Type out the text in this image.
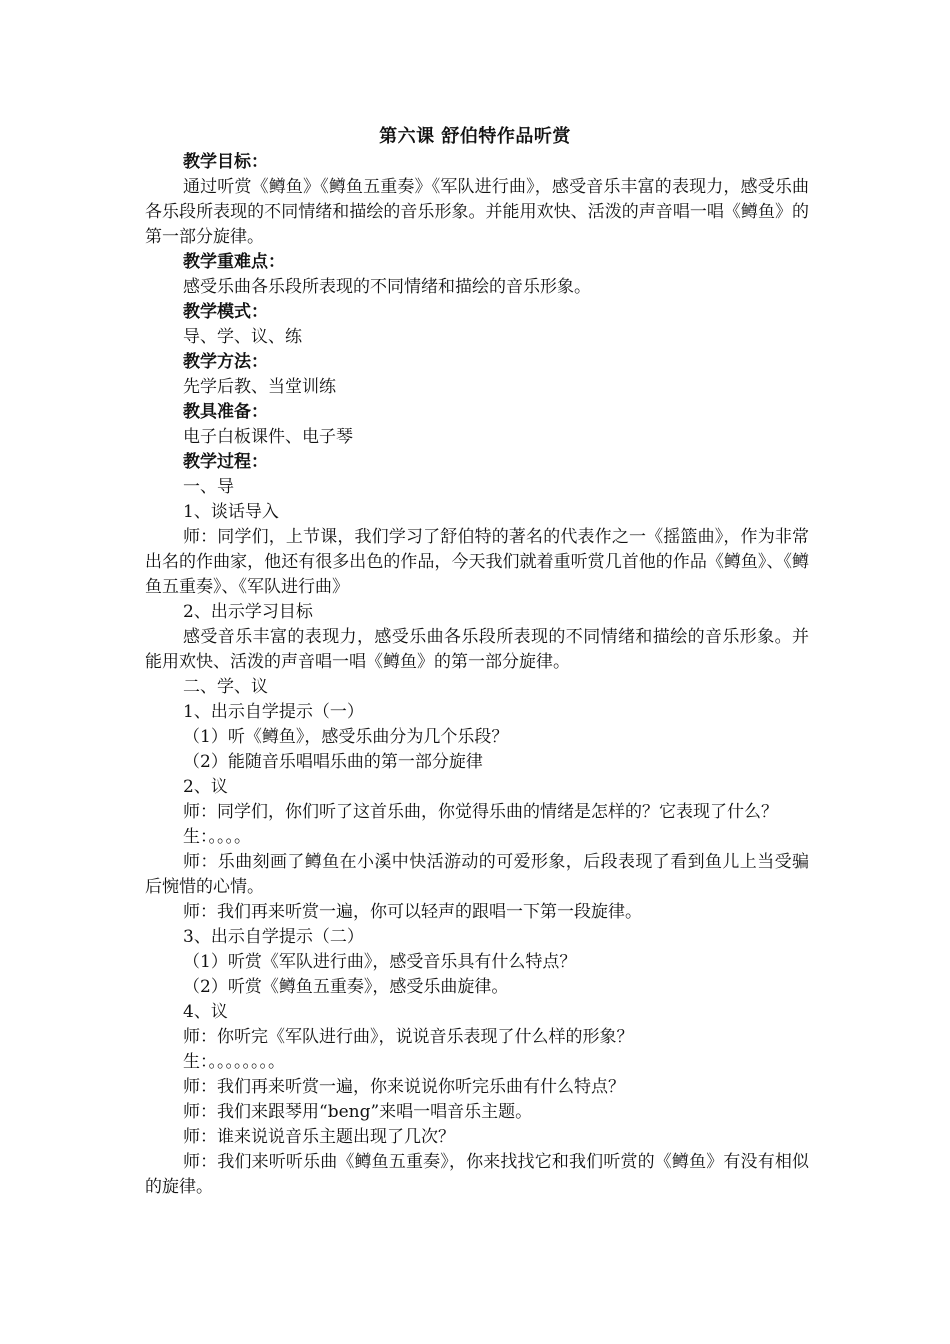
第六课 舒伯特作品听赏

教学目标：

通过听赏《鳟鱼》《鳟鱼五重奏》《军队进行曲》，感受音乐丰富的表现力，感受乐曲各乐段所表现的不同情绪和描绘的音乐形象。并能用欢快、活泼的声音唱一唱《鳟鱼》的第一部分旋律。

教学重难点：

感受乐曲各乐段所表现的不同情绪和描绘的音乐形象。

教学模式：

导、学、议、练

教学方法：

先学后教、当堂训练

教具准备：

电子白板课件、电子琴

教学过程：

一、导

1、谈话导入

师：同学们，上节课，我们学习了舒伯特的著名的代表作之一《摇篮曲》，作为非常出名的作曲家，他还有很多出色的作品，今天我们就着重听赏几首他的作品《鳟鱼》、《鳟鱼五重奏》、《军队进行曲》

2、出示学习目标

感受音乐丰富的表现力，感受乐曲各乐段所表现的不同情绪和描绘的音乐形象。并能用欢快、活泼的声音唱一唱《鳟鱼》的第一部分旋律。

二、学、议

1、出示自学提示（一）

（1）听《鳟鱼》，感受乐曲分为几个乐段？

（2）能随音乐唱唱乐曲的第一部分旋律

2、议

师：同学们，你们听了这首乐曲，你觉得乐曲的情绪是怎样的？它表现了什么？

生：。。。。

师：乐曲刻画了鳟鱼在小溪中快活游动的可爱形象，后段表现了看到鱼儿上当受骗后惋惜的心情。

师：我们再来听赏一遍，你可以轻声的跟唱一下第一段旋律。

3、出示自学提示（二）

（1）听赏《军队进行曲》，感受音乐具有什么特点？

（2）听赏《鳟鱼五重奏》，感受乐曲旋律。

4、议

师：你听完《军队进行曲》，说说音乐表现了什么样的形象？

生：。。。。。。。。

师：我们再来听赏一遍，你来说说你听完乐曲有什么特点？

师：我们来跟琴用“beng”来唱一唱音乐主题。

师：谁来说说音乐主题出现了几次？

师：我们来听听乐曲《鳟鱼五重奏》，你来找找它和我们听赏的《鳟鱼》有没有相似的旋律。
